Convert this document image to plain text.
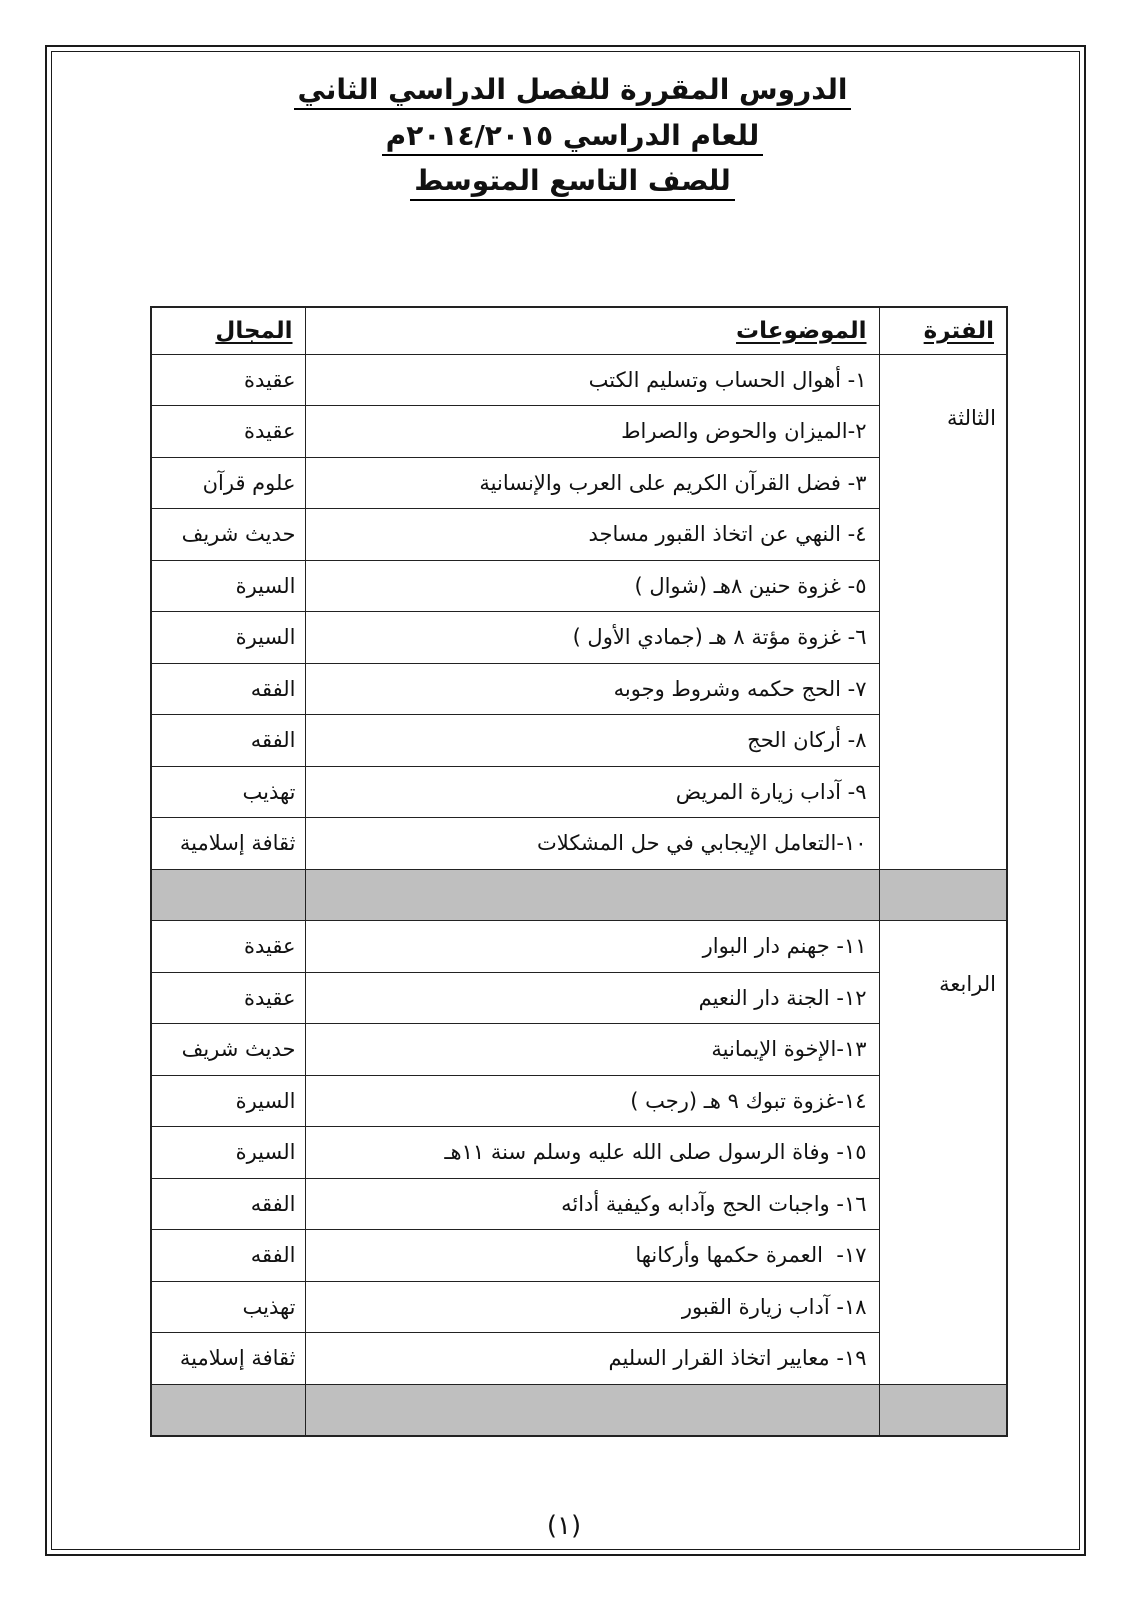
الدروس المقررة للفصل الدراسي الثاني
للعام الدراسي ٢٠١٤/٢٠١٥م
للصف التاسع المتوسط
الفترة	الموضوعات	المجال

الثالثة	١- أهوال الحساب وتسليم الكتب	عقيدة
	٢-الميزان والحوض والصراط	عقيدة
	٣- فضل القرآن الكريم على العرب والإنسانية	علوم قرآن
	٤- النهي عن اتخاذ القبور مساجد	حديث شريف
	٥- غزوة حنين ٨هـ (شوال )	السيرة
	٦- غزوة مؤتة ٨ هـ (جمادي الأول )	السيرة
	٧- الحج حكمه وشروط وجوبه	الفقه
	٨- أركان الحج	الفقه
	٩- آداب زيارة المريض	تهذيب
	١٠-التعامل الإيجابي في حل المشكلات	ثقافة إسلامية

الرابعة	١١- جهنم دار البوار	عقيدة
	١٢- الجنة دار النعيم	عقيدة
	١٣-الإخوة الإيمانية	حديث شريف
	١٤-غزوة تبوك ٩ هـ (رجب )	السيرة
	١٥- وفاة الرسول صلى الله عليه وسلم سنة ١١هـ	السيرة
	١٦- واجبات الحج وآدابه وكيفية أدائه	الفقه
	١٧-  العمرة حكمها وأركانها	الفقه
	١٨- آداب زيارة القبور	تهذيب
	١٩- معايير اتخاذ القرار السليم	ثقافة إسلامية

(١)
